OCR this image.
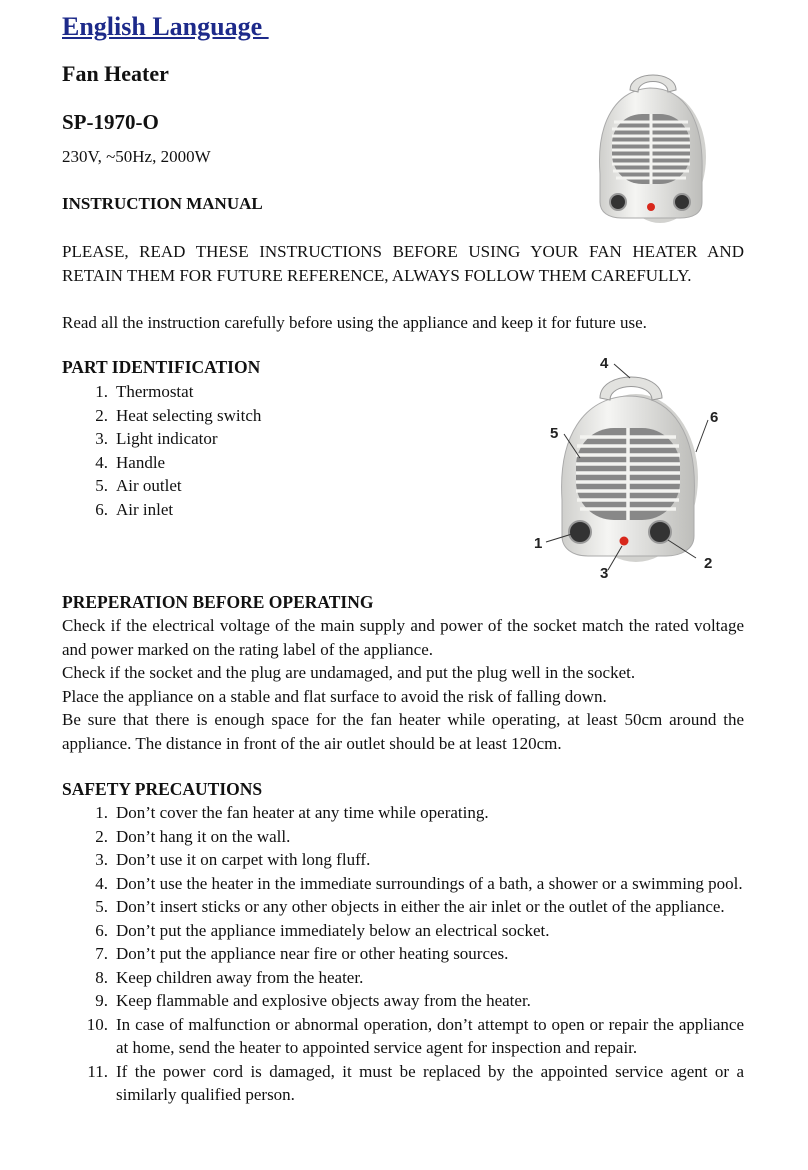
English Language
Fan Heater
SP-1970-O
230V, ~50Hz, 2000W
INSTRUCTION MANUAL
PLEASE, READ THESE INSTRUCTIONS BEFORE USING YOUR FAN HEATER AND RETAIN THEM FOR FUTURE REFERENCE, ALWAYS FOLLOW THEM CAREFULLY.
Read all the instruction carefully before using the appliance and keep it for future use.
PART IDENTIFICATION
1. Thermostat
2. Heat selecting switch
3. Light indicator
4. Handle
5. Air outlet
6. Air inlet
4
5
6
1
2
3
PREPERATION BEFORE OPERATING

Check if the electrical voltage of the main supply and power of the socket match the rated voltage and power marked on the rating label of the appliance.

Check if the socket and the plug are undamaged, and put the plug well in the socket.

Place the appliance on a stable and flat surface to avoid the risk of falling down.

Be sure that there is enough space for the fan heater while operating, at least 50cm around the appliance. The distance in front of the air outlet should be at least 120cm.

SAFETY PRECAUTIONS
1. Don’t cover the fan heater at any time while operating.
2. Don’t hang it on the wall.
3. Don’t use it on carpet with long fluff.
4. Don’t use the heater in the immediate surroundings of a bath, a shower or a swimming pool.
5. Don’t insert sticks or any other objects in either the air inlet or the outlet of the appliance.
6. Don’t put the appliance immediately below an electrical socket.
7. Don’t put the appliance near fire or other heating sources.
8. Keep children away from the heater.
9. Keep flammable and explosive objects away from the heater.
10. In case of malfunction or abnormal operation, don’t attempt to open or repair the appliance at home, send the heater to appointed service agent for inspection and repair.
11. If the power cord is damaged, it must be replaced by the appointed service agent or a similarly qualified person.
